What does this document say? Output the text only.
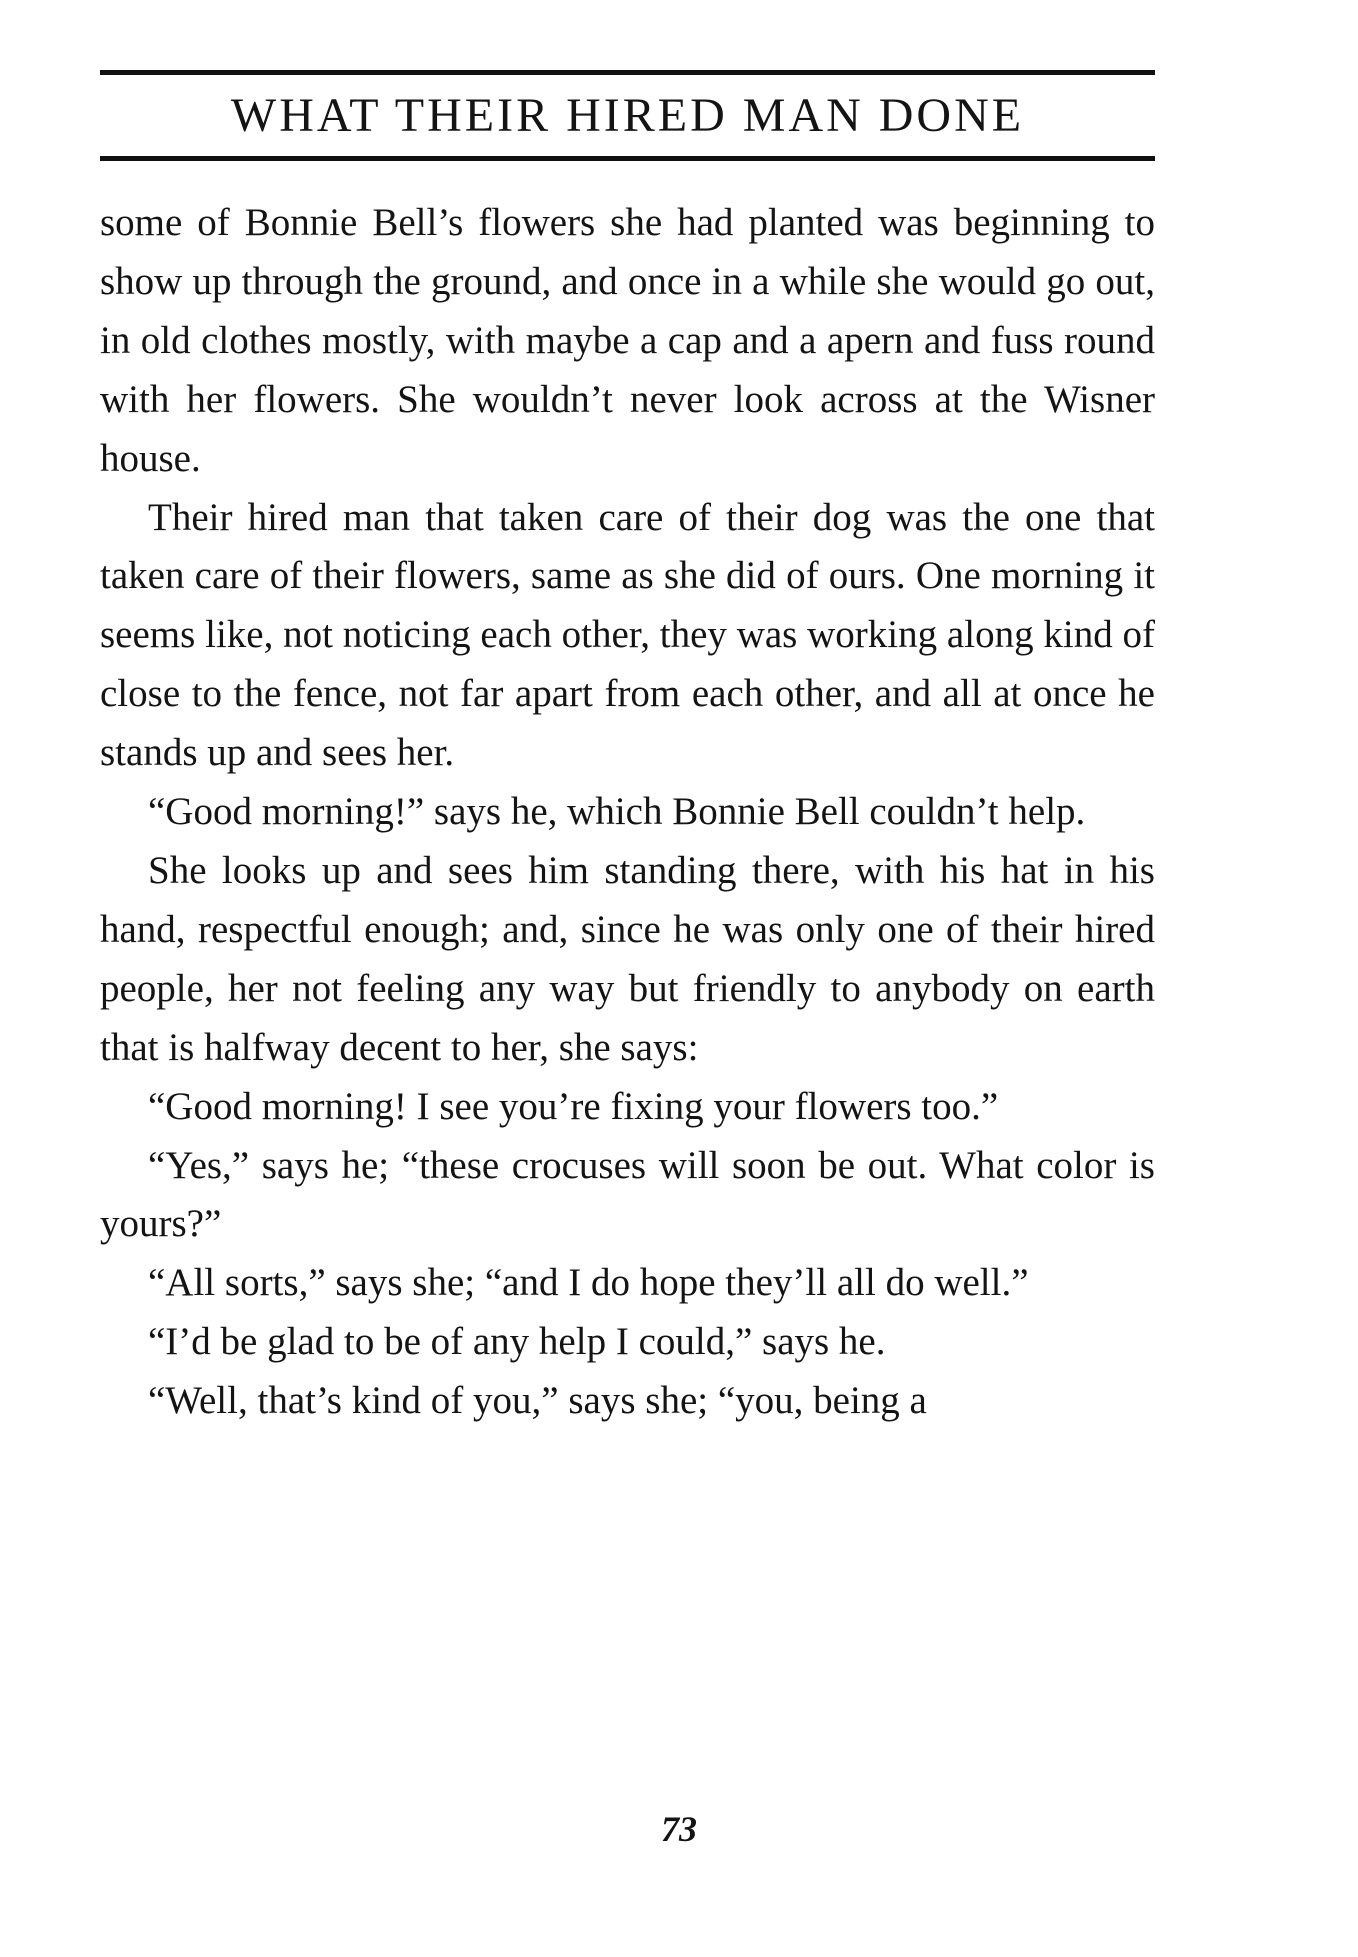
WHAT THEIR HIRED MAN DONE

some of Bonnie Bell’s flowers she had planted was beginning to show up through the ground, and once in a while she would go out, in old clothes mostly, with maybe a cap and a apern and fuss round with her flowers. She wouldn’t never look across at the Wisner house.

Their hired man that taken care of their dog was the one that taken care of their flowers, same as she did of ours. One morning it seems like, not noticing each other, they was working along kind of close to the fence, not far apart from each other, and all at once he stands up and sees her.

“Good morning!” says he, which Bonnie Bell couldn’t help.

She looks up and sees him standing there, with his hat in his hand, respectful enough; and, since he was only one of their hired people, her not feeling any way but friendly to anybody on earth that is halfway decent to her, she says:

“Good morning! I see you’re fixing your flowers too.”

“Yes,” says he; “these crocuses will soon be out. What color is yours?”

“All sorts,” says she; “and I do hope they’ll all do well.”

“I’d be glad to be of any help I could,” says he.

“Well, that’s kind of you,” says she; “you, being a

73
